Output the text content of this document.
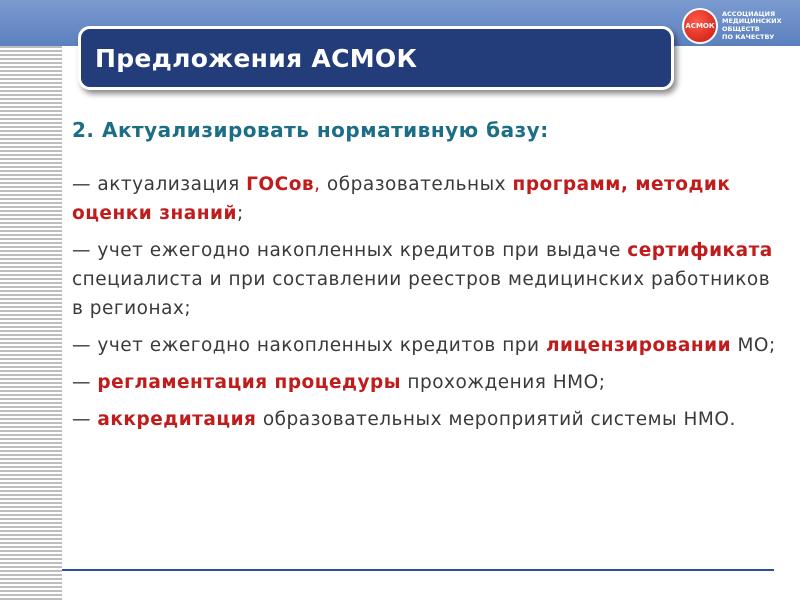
АСМОК
АССОЦИАЦИЯ
МЕДИЦИНСКИХ
ОБЩЕСТВ
ПО КАЧЕСТВУ
Предложения АСМОК
2. Актуализировать нормативную базу:
— актуализация ГОСов, образовательных программ, методик оценки знаний;
— учет ежегодно накопленных кредитов при выдаче сертификата специалиста и при составлении реестров медицинских работников в регионах;
— учет ежегодно накопленных кредитов при лицензировании МО;
— регламентация процедуры прохождения НМО;
— аккредитация образовательных мероприятий системы НМО.
